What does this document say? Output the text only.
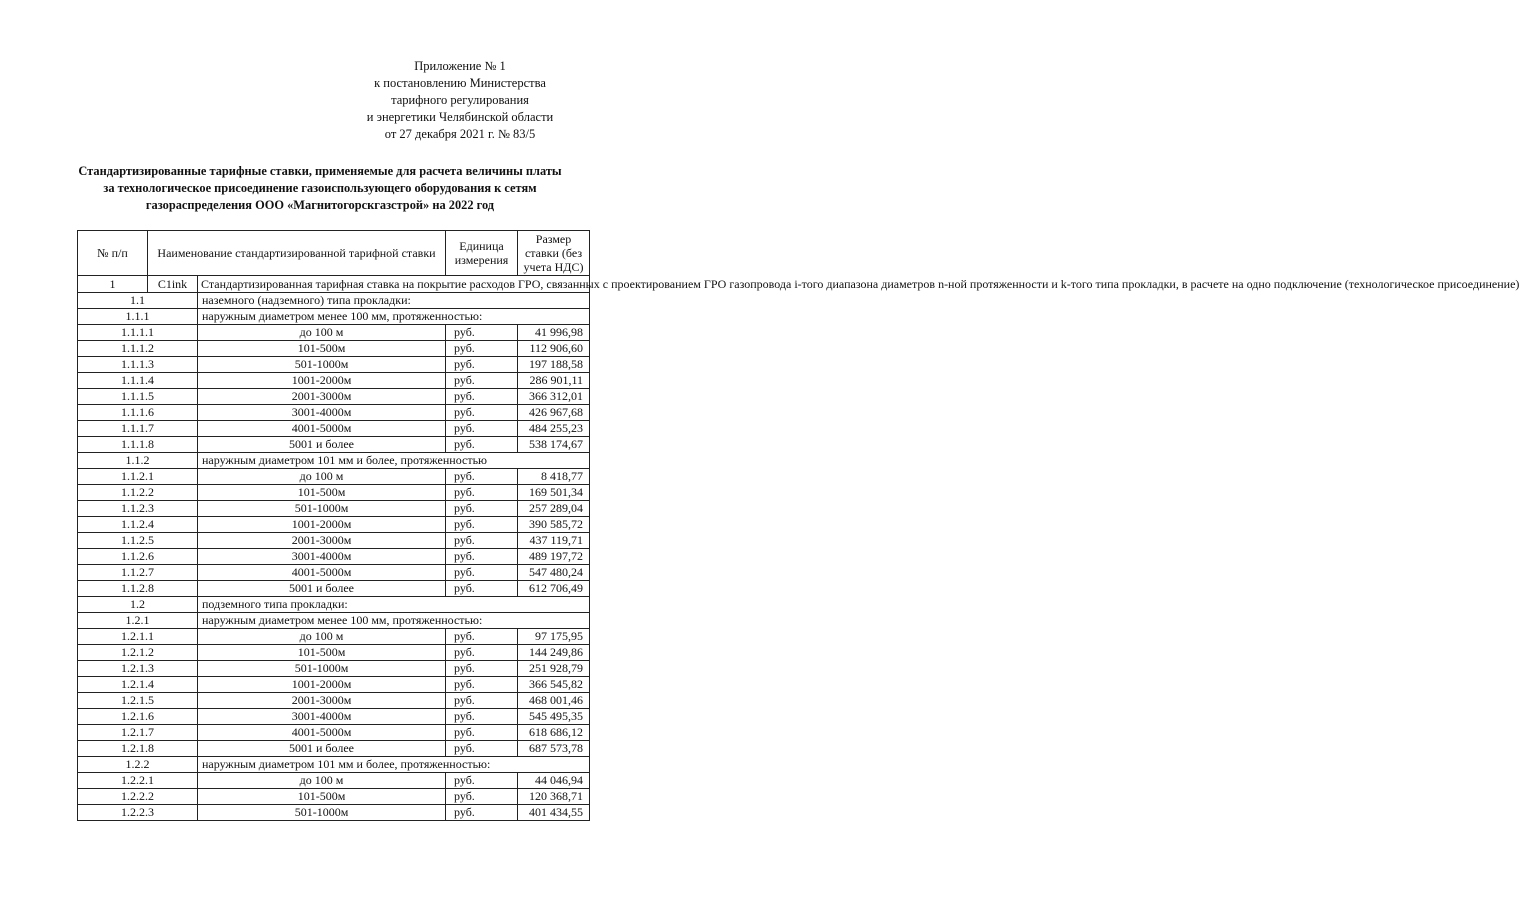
Приложение № 1
к постановлению Министерства
тарифного регулирования
и энергетики Челябинской области
от 27 декабря 2021 г. № 83/5
Стандартизированные тарифные ставки, применяемые для расчета величины платы
за технологическое присоединение газоиспользующего оборудования к сетям
газораспределения ООО «Магнитогорскгазстрой» на 2022 год
№ п/п	Наименование стандартизированной тарифной ставки		Единица измерения	Размер ставки (без учета НДС)
1	C1ink	Стандартизированная тарифная ставка на покрытие расходов ГРО, связанных с проектированием ГРО газопровода i-того диапазона диаметров n-ной протяженности и k-того типа прокладки, в расчете на одно подключение (технологическое присоединение)		
1.1		наземного (надземного) типа прокладки:		
1.1.1		наружным диаметром менее 100 мм, протяженностью:		
1.1.1.1		до 100 м	руб.	41 996,98
1.1.1.2		101-500м	руб.	112 906,60
1.1.1.3		501-1000м	руб.	197 188,58
1.1.1.4		1001-2000м	руб.	286 901,11
1.1.1.5		2001-3000м	руб.	366 312,01
1.1.1.6		3001-4000м	руб.	426 967,68
1.1.1.7		4001-5000м	руб.	484 255,23
1.1.1.8		5001 и более	руб.	538 174,67
1.1.2		наружным диаметром 101 мм и более, протяженностью		
1.1.2.1		до 100 м	руб.	8 418,77
1.1.2.2		101-500м	руб.	169 501,34
1.1.2.3		501-1000м	руб.	257 289,04
1.1.2.4		1001-2000м	руб.	390 585,72
1.1.2.5		2001-3000м	руб.	437 119,71
1.1.2.6		3001-4000м	руб.	489 197,72
1.1.2.7		4001-5000м	руб.	547 480,24
1.1.2.8		5001 и более	руб.	612 706,49
1.2		подземного типа прокладки:		
1.2.1		наружным диаметром менее 100 мм, протяженностью:		
1.2.1.1		до 100 м	руб.	97 175,95
1.2.1.2		101-500м	руб.	144 249,86
1.2.1.3		501-1000м	руб.	251 928,79
1.2.1.4		1001-2000м	руб.	366 545,82
1.2.1.5		2001-3000м	руб.	468 001,46
1.2.1.6		3001-4000м	руб.	545 495,35
1.2.1.7		4001-5000м	руб.	618 686,12
1.2.1.8		5001 и более	руб.	687 573,78
1.2.2		наружным диаметром 101 мм и более, протяженностью:		
1.2.2.1		до 100 м	руб.	44 046,94
1.2.2.2		101-500м	руб.	120 368,71
1.2.2.3		501-1000м	руб.	401 434,55
